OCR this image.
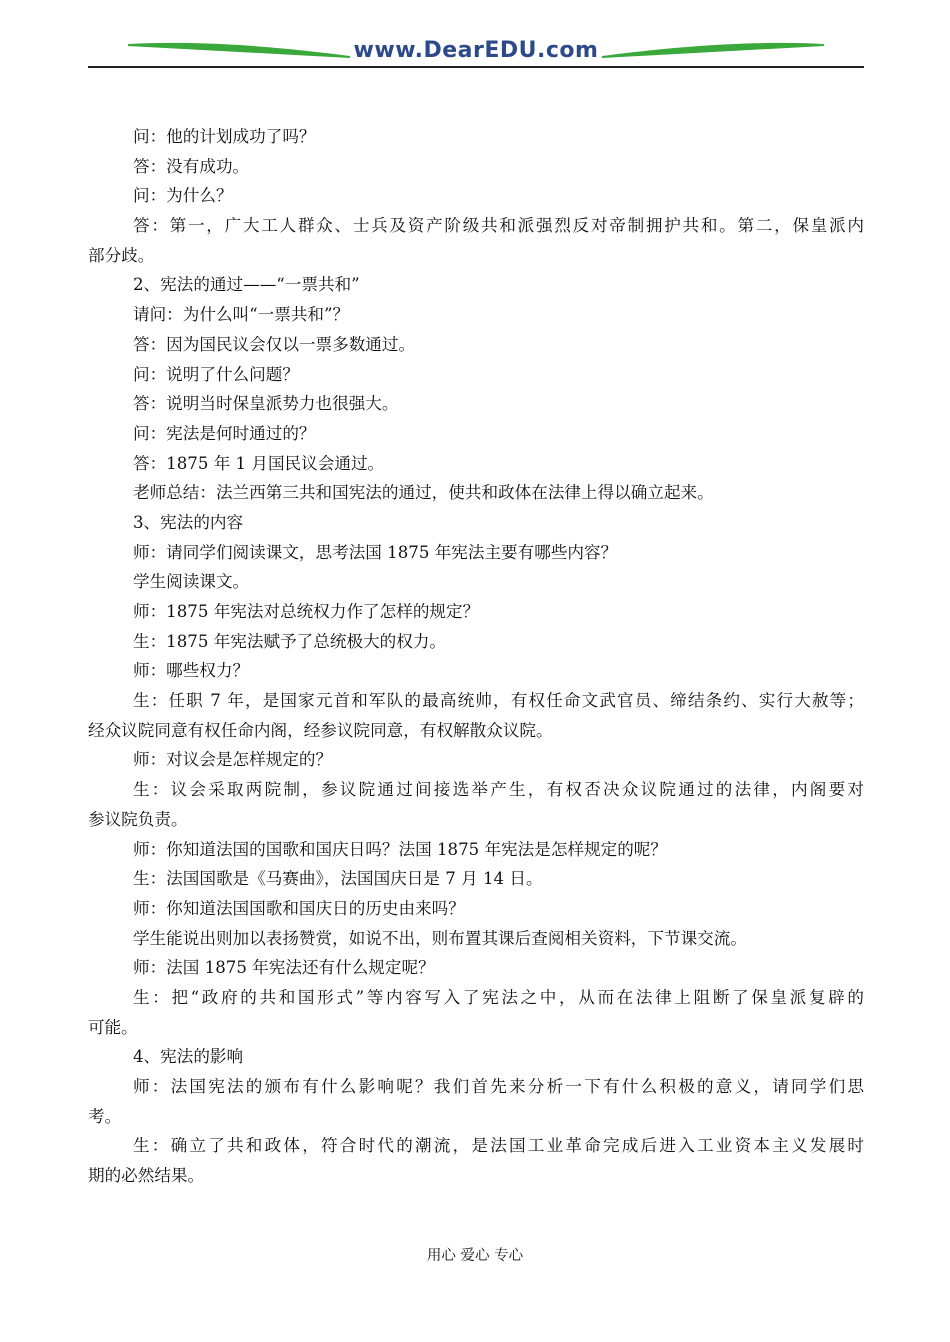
www.DearEDU.com
问：他的计划成功了吗？
答：没有成功。
问：为什么？
答：第一，广大工人群众、士兵及资产阶级共和派强烈反对帝制拥护共和。第二，保皇派内
部分歧。
2、宪法的通过——“一票共和”
请问：为什么叫“一票共和”？
答：因为国民议会仅以一票多数通过。
问：说明了什么问题？
答：说明当时保皇派势力也很强大。
问：宪法是何时通过的？
答：1875 年 1 月国民议会通过。
老师总结：法兰西第三共和国宪法的通过，使共和政体在法律上得以确立起来。
3、宪法的内容
师：请同学们阅读课文，思考法国 1875 年宪法主要有哪些内容？
学生阅读课文。
师：1875 年宪法对总统权力作了怎样的规定？
生：1875 年宪法赋予了总统极大的权力。
师：哪些权力？
生：任职 7 年，是国家元首和军队的最高统帅，有权任命文武官员、缔结条约、实行大赦等；
经众议院同意有权任命内阁，经参议院同意，有权解散众议院。
师：对议会是怎样规定的？
生：议会采取两院制，参议院通过间接选举产生，有权否决众议院通过的法律，内阁要对
参议院负责。
师：你知道法国的国歌和国庆日吗？法国 1875 年宪法是怎样规定的呢？
生：法国国歌是《马赛曲》，法国国庆日是 7 月 14 日。
师：你知道法国国歌和国庆日的历史由来吗？
学生能说出则加以表扬赞赏，如说不出，则布置其课后查阅相关资料，下节课交流。
师：法国 1875 年宪法还有什么规定呢？
生：把“政府的共和国形式”等内容写入了宪法之中，从而在法律上阻断了保皇派复辟的
可能。
4、宪法的影响
师：法国宪法的颁布有什么影响呢？我们首先来分析一下有什么积极的意义，请同学们思
考。
生：确立了共和政体，符合时代的潮流，是法国工业革命完成后进入工业资本主义发展时
期的必然结果。
用心 爱心 专心
